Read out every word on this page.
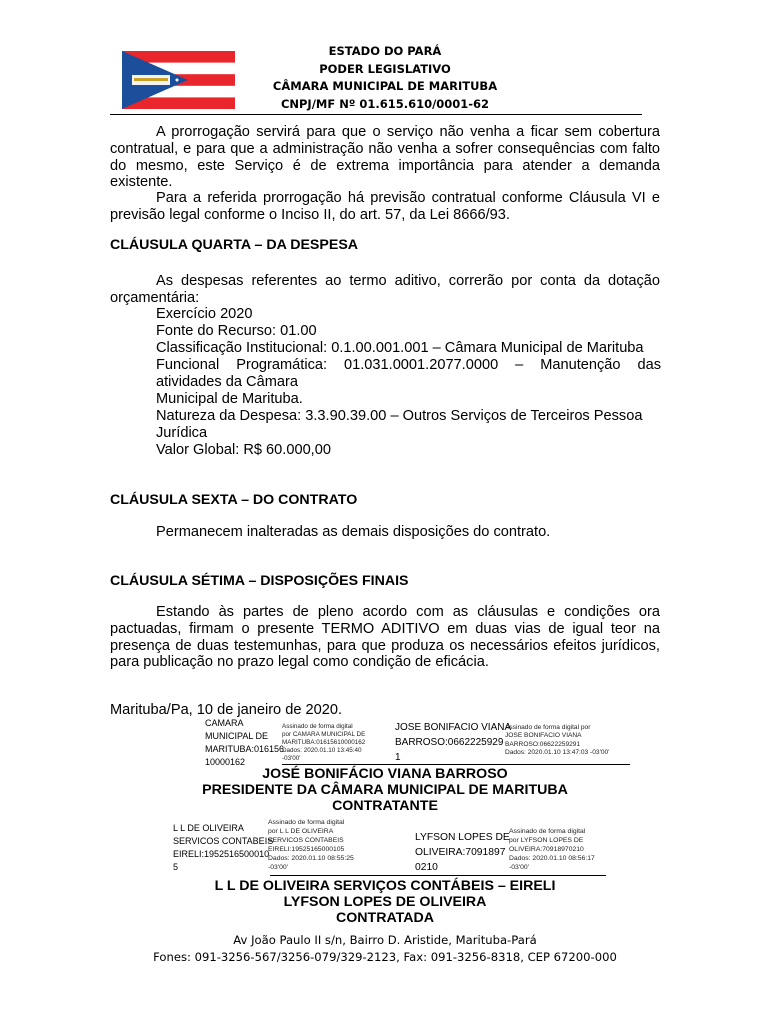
ESTADO DO PARÁ
PODER LEGISLATIVO
CÂMARA MUNICIPAL DE MARITUBA
CNPJ/MF Nº 01.615.610/0001-62
A prorrogação servirá para que o serviço não venha a ficar sem cobertura contratual, e para que a administração não venha a sofrer consequências com falto do mesmo, este Serviço é de extrema importância para atender a demanda existente.
Para a referida prorrogação há previsão contratual conforme Cláusula VI e previsão legal conforme o Inciso II, do art. 57, da Lei 8666/93.
CLÁUSULA QUARTA – DA DESPESA
As despesas referentes ao termo aditivo, correrão por conta da dotação orçamentária:
Exercício 2020
Fonte do Recurso: 01.00
Classificação Institucional: 0.1.00.001.001 – Câmara Municipal de Marituba
Funcional Programática: 01.031.0001.2077.0000 – Manutenção das
atividades da Câmara
Municipal de Marituba.
Natureza da Despesa: 3.3.90.39.00 – Outros Serviços de Terceiros Pessoa
Jurídica
Valor Global: R$ 60.000,00
CLÁUSULA SEXTA – DO CONTRATO
Permanecem inalteradas as demais disposições do contrato.
CLÁUSULA SÉTIMA – DISPOSIÇÕES FINAIS
Estando às partes de pleno acordo com as cláusulas e condições ora pactuadas, firmam o presente TERMO ADITIVO em duas vias de igual teor na presença de duas testemunhas, para que produza os necessários efeitos jurídicos, para publicação no prazo legal como condição de eficácia.
Marituba/Pa, 10 de janeiro de 2020.
CAMARA
MUNICIPAL DE
MARITUBA:016156
10000162
Assinado de forma digital
por CAMARA MUNICIPAL DE
MARITUBA:01615610000162
Dados: 2020.01.10 13:45:40
-03'00'
JOSE BONIFACIO VIANA
BARROSO:0662225929
1
Assinado de forma digital por
JOSE BONIFACIO VIANA
BARROSO:06622259291
Dados: 2020.01.10 13:47:03 -03'00'
JOSÉ BONIFÁCIO VIANA BARROSO
PRESIDENTE DA CÂMARA MUNICIPAL DE MARITUBA
CONTRATANTE
L L DE OLIVEIRA
SERVICOS CONTABEIS
EIRELI:1952516500010
5
Assinado de forma digital
por L L DE OLIVEIRA
SERVICOS CONTABEIS
EIRELI:19525165000105
Dados: 2020.01.10 08:55:25
-03'00'
LYFSON LOPES DE
OLIVEIRA:7091897
0210
Assinado de forma digital
por LYFSON LOPES DE
OLIVEIRA:70918970210
Dados: 2020.01.10 08:56:17
-03'00'
L L DE OLIVEIRA SERVIÇOS CONTÁBEIS – EIRELI
LYFSON LOPES DE OLIVEIRA
CONTRATADA
Av João Paulo II s/n, Bairro D. Aristide, Marituba-Pará
Fones: 091-3256-567/3256-079/329-2123, Fax: 091-3256-8318, CEP 67200-000
